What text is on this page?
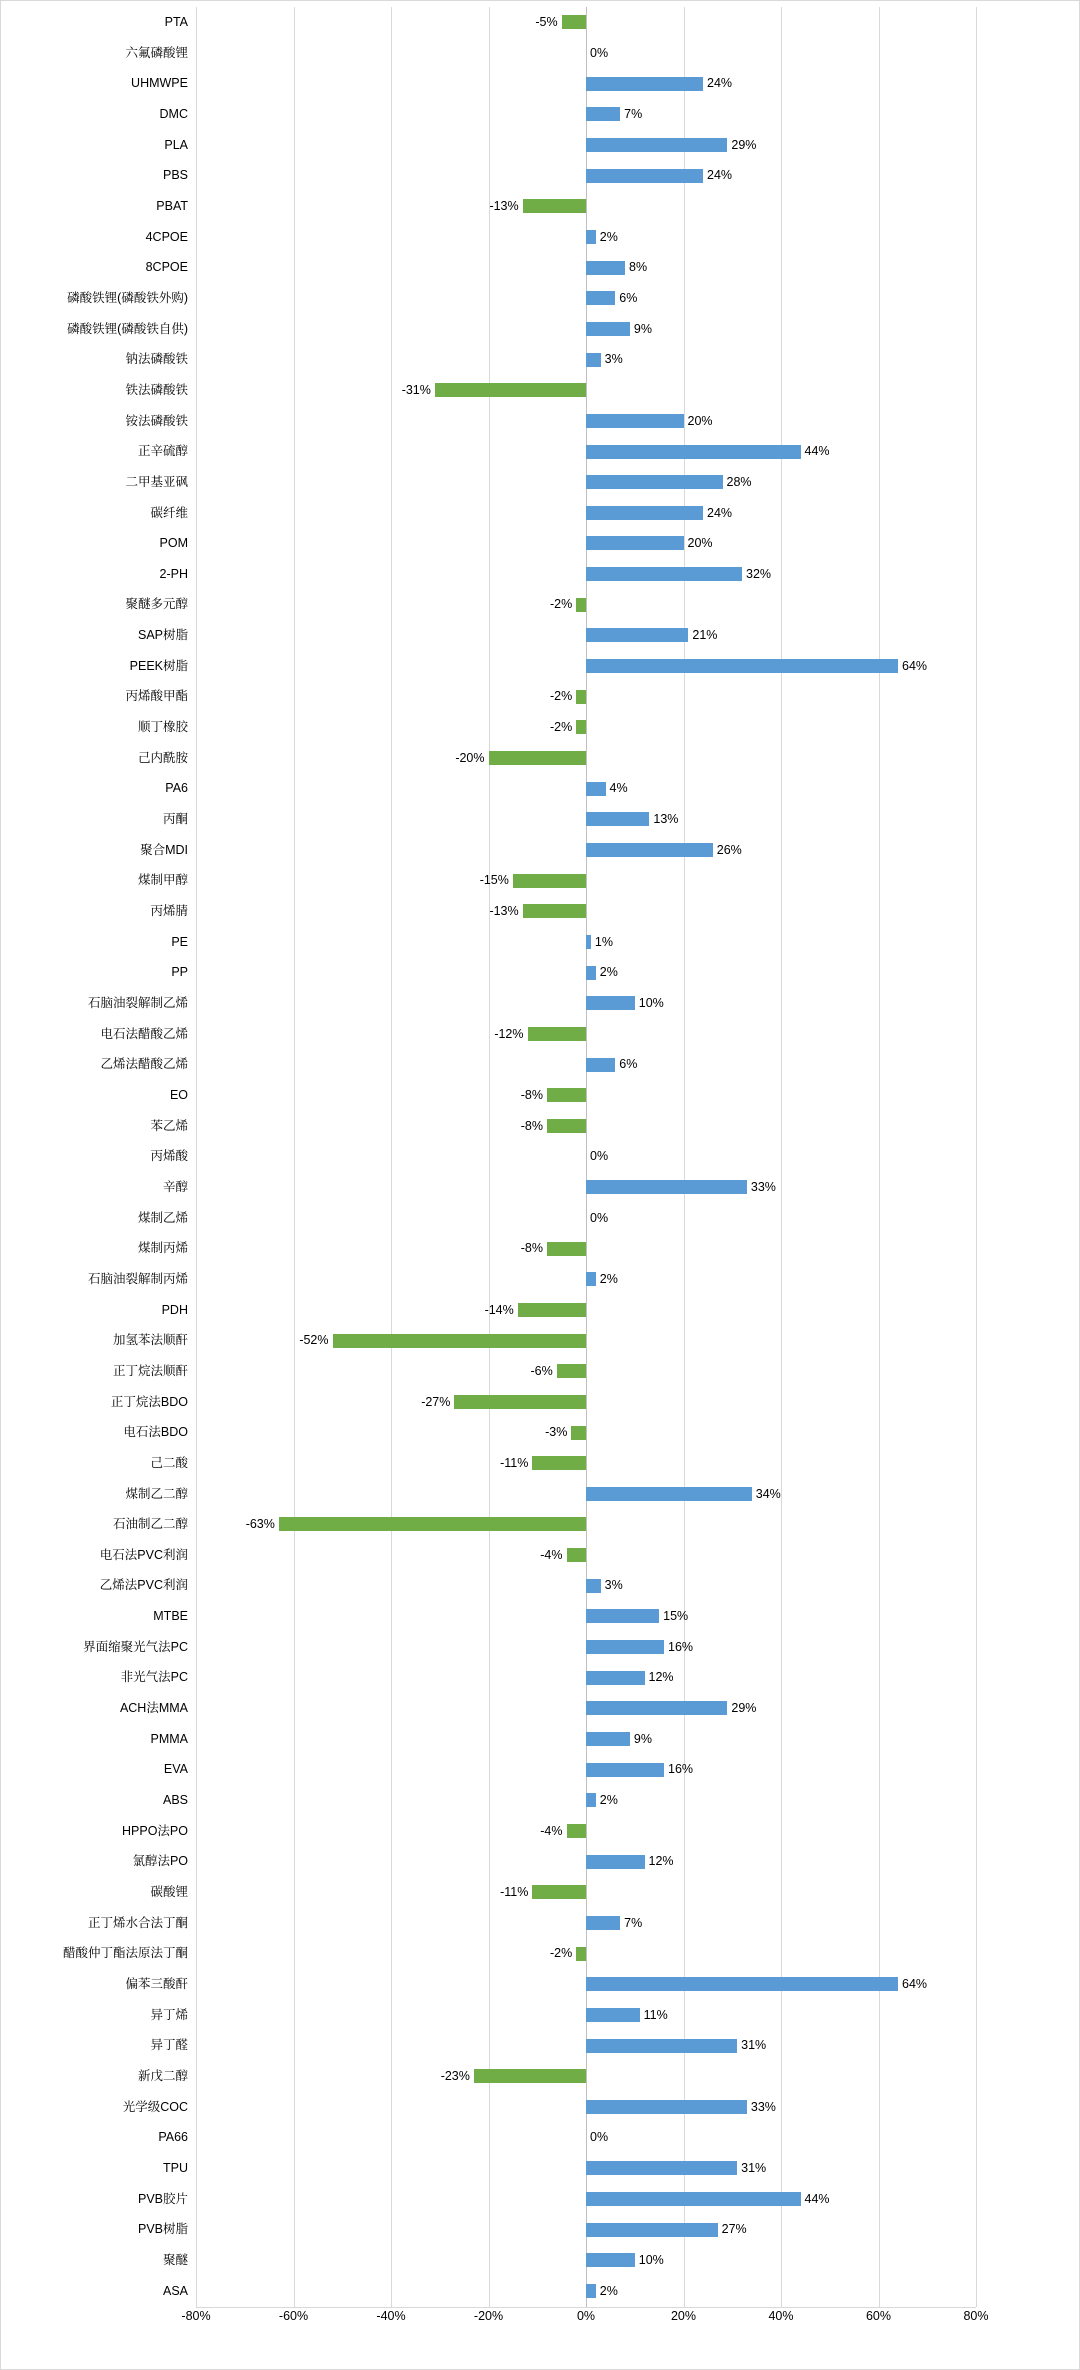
PTA	-5%
六氟磷酸锂	0%
UHMWPE	24%
DMC	7%
PLA	29%
PBS	24%
PBAT	-13%
4CPOE	2%
8CPOE	8%
磷酸铁锂(磷酸铁外购)	6%
磷酸铁锂(磷酸铁自供)	9%
钠法磷酸铁	3%
铁法磷酸铁	-31%
铵法磷酸铁	20%
正辛硫醇	44%
二甲基亚砜	28%
碳纤维	24%
POM	20%
2-PH	32%
聚醚多元醇	-2%
SAP树脂	21%
PEEK树脂	64%
丙烯酸甲酯	-2%
顺丁橡胶	-2%
己内酰胺	-20%
PA6	4%
丙酮	13%
聚合MDI	26%
煤制甲醇	-15%
丙烯腈	-13%
PE	1%
PP	2%
石脑油裂解制乙烯	10%
电石法醋酸乙烯	-12%
乙烯法醋酸乙烯	6%
EO	-8%
苯乙烯	-8%
丙烯酸	0%
辛醇	33%
煤制乙烯	0%
煤制丙烯	-8%
石脑油裂解制丙烯	2%
PDH	-14%
加氢苯法顺酐	-52%
正丁烷法顺酐	-6%
正丁烷法BDO	-27%
电石法BDO	-3%
己二酸	-11%
煤制乙二醇	34%
石油制乙二醇	-63%
电石法PVC利润	-4%
乙烯法PVC利润	3%
MTBE	15%
界面缩聚光气法PC	16%
非光气法PC	12%
ACH法MMA	29%
PMMA	9%
EVA	16%
ABS	2%
HPPO法PO	-4%
氯醇法PO	12%
碳酸锂	-11%
正丁烯水合法丁酮	7%
醋酸仲丁酯法原法丁酮	-2%
偏苯三酸酐	64%
异丁烯	11%
异丁醛	31%
新戊二醇	-23%
光学级COC	33%
PA66	0%
TPU	31%
PVB胶片	44%
PVB树脂	27%
聚醚	10%
ASA	2%
-80%	-60%	-40%	-20%	0%	20%	40%	60%	80%
